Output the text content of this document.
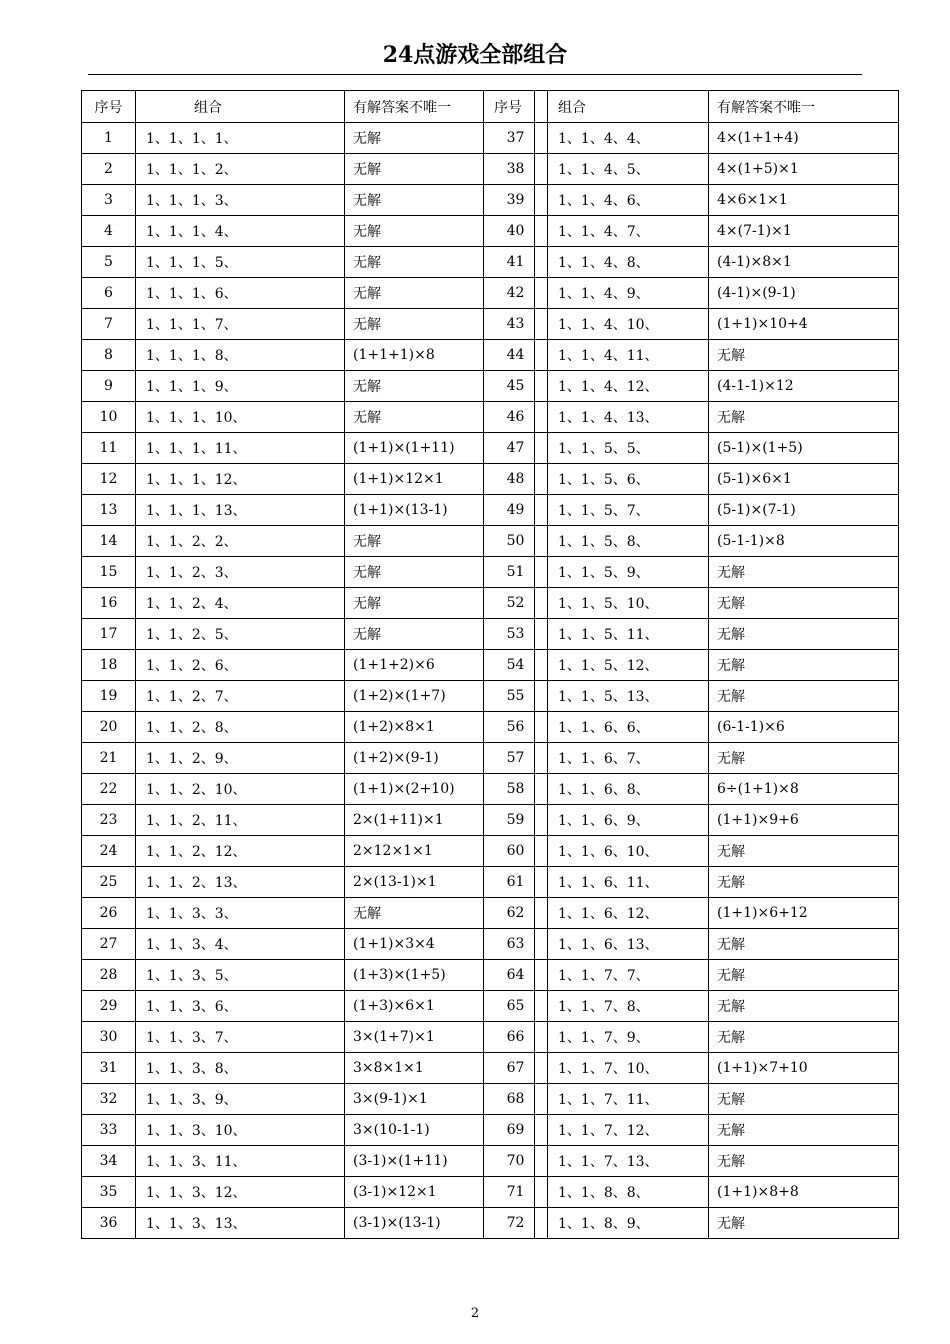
24点游戏全部组合
序号	组合	有解答案不唯一
1	1、1、1、1、	无解
2	1、1、1、2、	无解
3	1、1、1、3、	无解
4	1、1、1、4、	无解
5	1、1、1、5、	无解
6	1、1、1、6、	无解
7	1、1、1、7、	无解
8	1、1、1、8、	(1+1+1)×8
9	1、1、1、9、	无解
10	1、1、1、10、	无解
11	1、1、1、11、	(1+1)×(1+11)
12	1、1、1、12、	(1+1)×12×1
13	1、1、1、13、	(1+1)×(13-1)
14	1、1、2、2、	无解
15	1、1、2、3、	无解
16	1、1、2、4、	无解
17	1、1、2、5、	无解
18	1、1、2、6、	(1+1+2)×6
19	1、1、2、7、	(1+2)×(1+7)
20	1、1、2、8、	(1+2)×8×1
21	1、1、2、9、	(1+2)×(9-1)
22	1、1、2、10、	(1+1)×(2+10)
23	1、1、2、11、	2×(1+11)×1
24	1、1、2、12、	2×12×1×1
25	1、1、2、13、	2×(13-1)×1
26	1、1、3、3、	无解
27	1、1、3、4、	(1+1)×3×4
28	1、1、3、5、	(1+3)×(1+5)
29	1、1、3、6、	(1+3)×6×1
30	1、1、3、7、	3×(1+7)×1
31	1、1、3、8、	3×8×1×1
32	1、1、3、9、	3×(9-1)×1
33	1、1、3、10、	3×(10-1-1)
34	1、1、3、11、	(3-1)×(1+11)
35	1、1、3、12、	(3-1)×12×1
36	1、1、3、13、	(3-1)×(13-1)
序号	组合	有解答案不唯一
37	1、1、4、4、	4×(1+1+4)
38	1、1、4、5、	4×(1+5)×1
39	1、1、4、6、	4×6×1×1
40	1、1、4、7、	4×(7-1)×1
41	1、1、4、8、	(4-1)×8×1
42	1、1、4、9、	(4-1)×(9-1)
43	1、1、4、10、	(1+1)×10+4
44	1、1、4、11、	无解
45	1、1、4、12、	(4-1-1)×12
46	1、1、4、13、	无解
47	1、1、5、5、	(5-1)×(1+5)
48	1、1、5、6、	(5-1)×6×1
49	1、1、5、7、	(5-1)×(7-1)
50	1、1、5、8、	(5-1-1)×8
51	1、1、5、9、	无解
52	1、1、5、10、	无解
53	1、1、5、11、	无解
54	1、1、5、12、	无解
55	1、1、5、13、	无解
56	1、1、6、6、	(6-1-1)×6
57	1、1、6、7、	无解
58	1、1、6、8、	6÷(1+1)×8
59	1、1、6、9、	(1+1)×9+6
60	1、1、6、10、	无解
61	1、1、6、11、	无解
62	1、1、6、12、	(1+1)×6+12
63	1、1、6、13、	无解
64	1、1、7、7、	无解
65	1、1、7、8、	无解
66	1、1、7、9、	无解
67	1、1、7、10、	(1+1)×7+10
68	1、1、7、11、	无解
69	1、1、7、12、	无解
70	1、1、7、13、	无解
71	1、1、8、8、	(1+1)×8+8
72	1、1、8、9、	无解
2
